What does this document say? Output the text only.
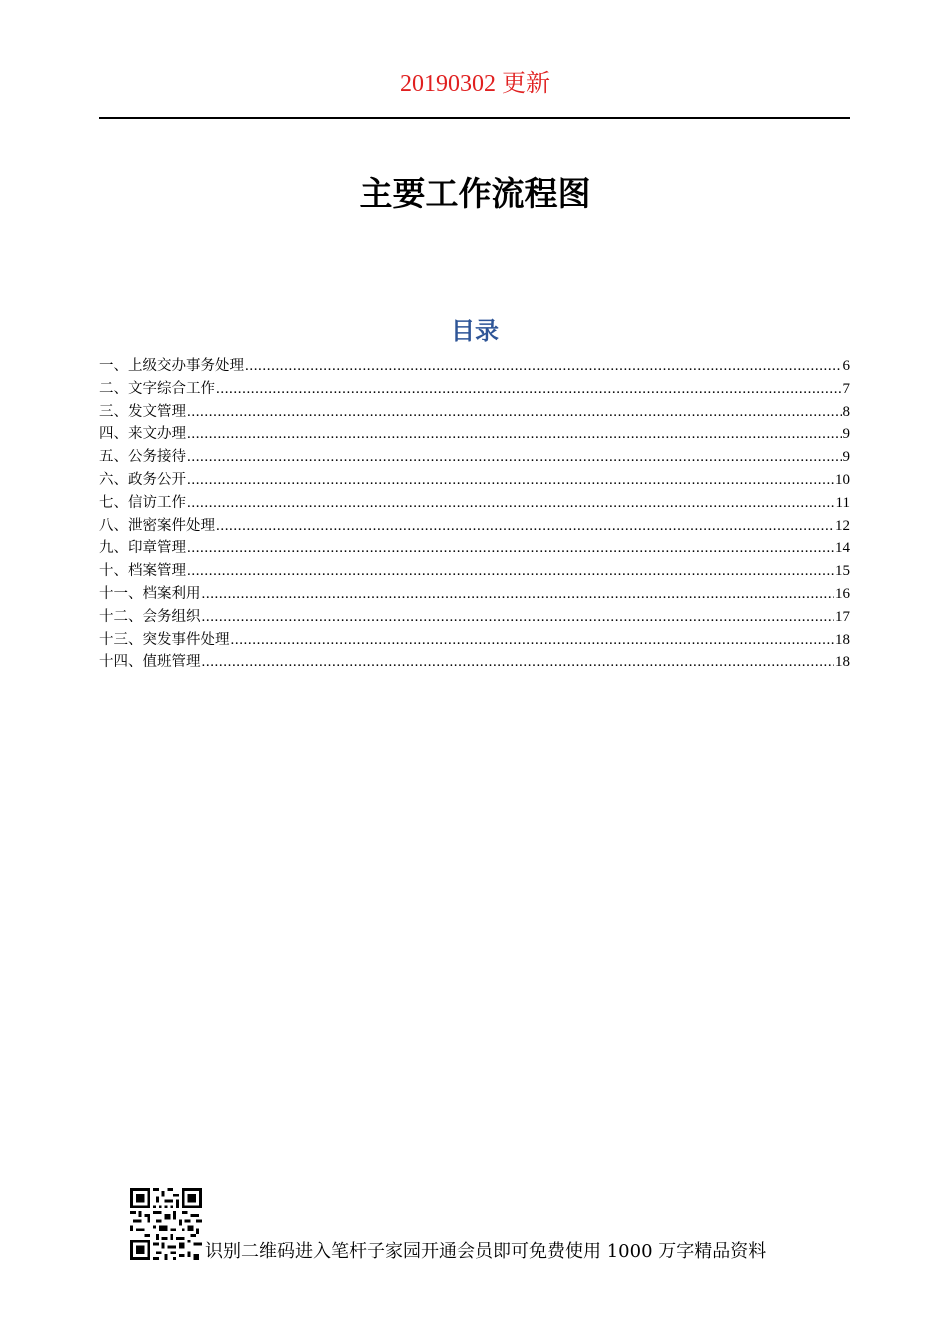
20190302 更新
主要工作流程图
目录
一、上级交办事务处理 .....	6
二、文字综合工作 .....	7
三、发文管理 .....	8
四、来文办理 .....	9
五、公务接待 .....	9
六、政务公开 .....	10
七、信访工作 .....	11
八、泄密案件处理 .....	12
九、印章管理 .....	14
十、档案管理 .....	15
十一、档案利用 .....	16
十二、会务组织 .....	17
十三、突发事件处理 .....	18
十四、值班管理 .....	18
识别二维码进入笔杆子家园开通会员即可免费使用 1000 万字精品资料
